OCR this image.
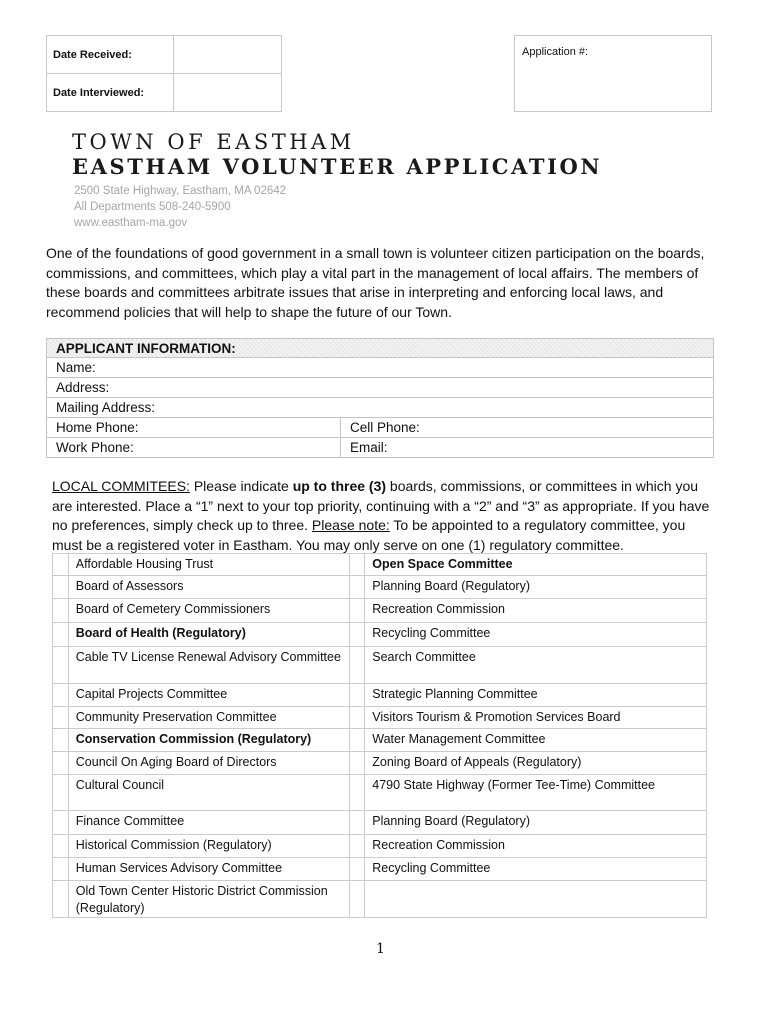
Date Received:	
Date Interviewed:	
Application #:
TOWN OF EASTHAM
EASTHAM VOLUNTEER APPLICATION
2500 State Highway, Eastham, MA 02642
All Departments 508-240-5900
www.eastham-ma.gov
One of the foundations of good government in a small town is volunteer citizen participation on the boards, commissions, and committees, which play a vital part in the management of local affairs. The members of these boards and committees arbitrate issues that arise in interpreting and enforcing local laws, and recommend policies that will help to shape the future of our Town.
APPLICANT INFORMATION:	
Name:	
Address:	
Mailing Address:	
Home Phone:	Cell Phone:
Work Phone:	Email:
LOCAL COMMITEES: Please indicate up to three (3) boards, commissions, or committees in which you are interested. Place a “1” next to your top priority, continuing with a “2” and “3” as appropriate. If you have no preferences, simply check up to three. Please note: To be appointed to a regulatory committee, you must be a registered voter in Eastham. You may only serve on one (1) regulatory committee.
	Affordable Housing Trust		Open Space Committee
	Board of Assessors		Planning Board (Regulatory)
	Board of Cemetery Commissioners		Recreation Commission
	Board of Health (Regulatory)		Recycling Committee
	Cable TV License Renewal Advisory Committee		Search Committee
	Capital Projects Committee		Strategic Planning Committee
	Community Preservation Committee		Visitors Tourism & Promotion Services Board
	Conservation Commission (Regulatory)		Water Management Committee
	Council On Aging Board of Directors		Zoning Board of Appeals (Regulatory)
	Cultural Council		4790 State Highway (Former Tee-Time) Committee
	Finance Committee		Planning Board (Regulatory)
	Historical Commission (Regulatory)		Recreation Commission
	Human Services Advisory Committee		Recycling Committee
	Old Town Center Historic District Commission (Regulatory)		
1
